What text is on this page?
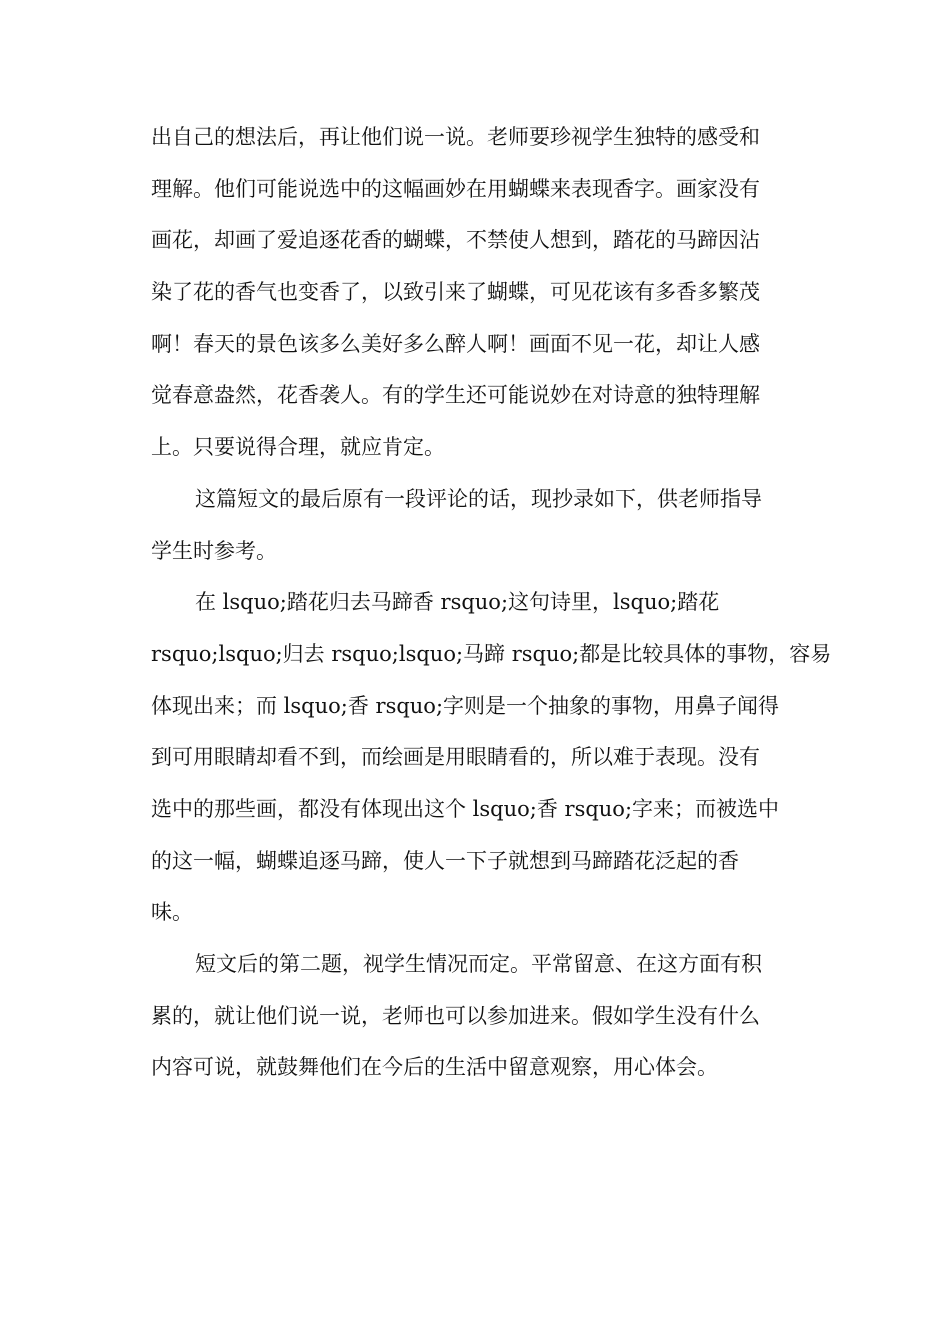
出自己的想法后，再让他们说一说。老师要珍视学生独特的感受和
理解。他们可能说选中的这幅画妙在用蝴蝶来表现香字。画家没有
画花，却画了爱追逐花香的蝴蝶，不禁使人想到，踏花的马蹄因沾
染了花的香气也变香了，以致引来了蝴蝶，可见花该有多香多繁茂
啊！春天的景色该多么美好多么醉人啊！画面不见一花，却让人感
觉春意盎然，花香袭人。有的学生还可能说妙在对诗意的独特理解
上。只要说得合理，就应肯定。
这篇短文的最后原有一段评论的话，现抄录如下，供老师指导
学生时参考。
在 lsquo;踏花归去马蹄香 rsquo;这句诗里，lsquo;踏花
rsquo;lsquo;归去 rsquo;lsquo;马蹄 rsquo;都是比较具体的事物，容易
体现出来；而 lsquo;香 rsquo;字则是一个抽象的事物，用鼻子闻得
到可用眼睛却看不到，而绘画是用眼睛看的，所以难于表现。没有
选中的那些画，都没有体现出这个 lsquo;香 rsquo;字来；而被选中
的这一幅，蝴蝶追逐马蹄，使人一下子就想到马蹄踏花泛起的香
味。
短文后的第二题，视学生情况而定。平常留意、在这方面有积
累的，就让他们说一说，老师也可以参加进来。假如学生没有什么
内容可说，就鼓舞他们在今后的生活中留意观察，用心体会。
